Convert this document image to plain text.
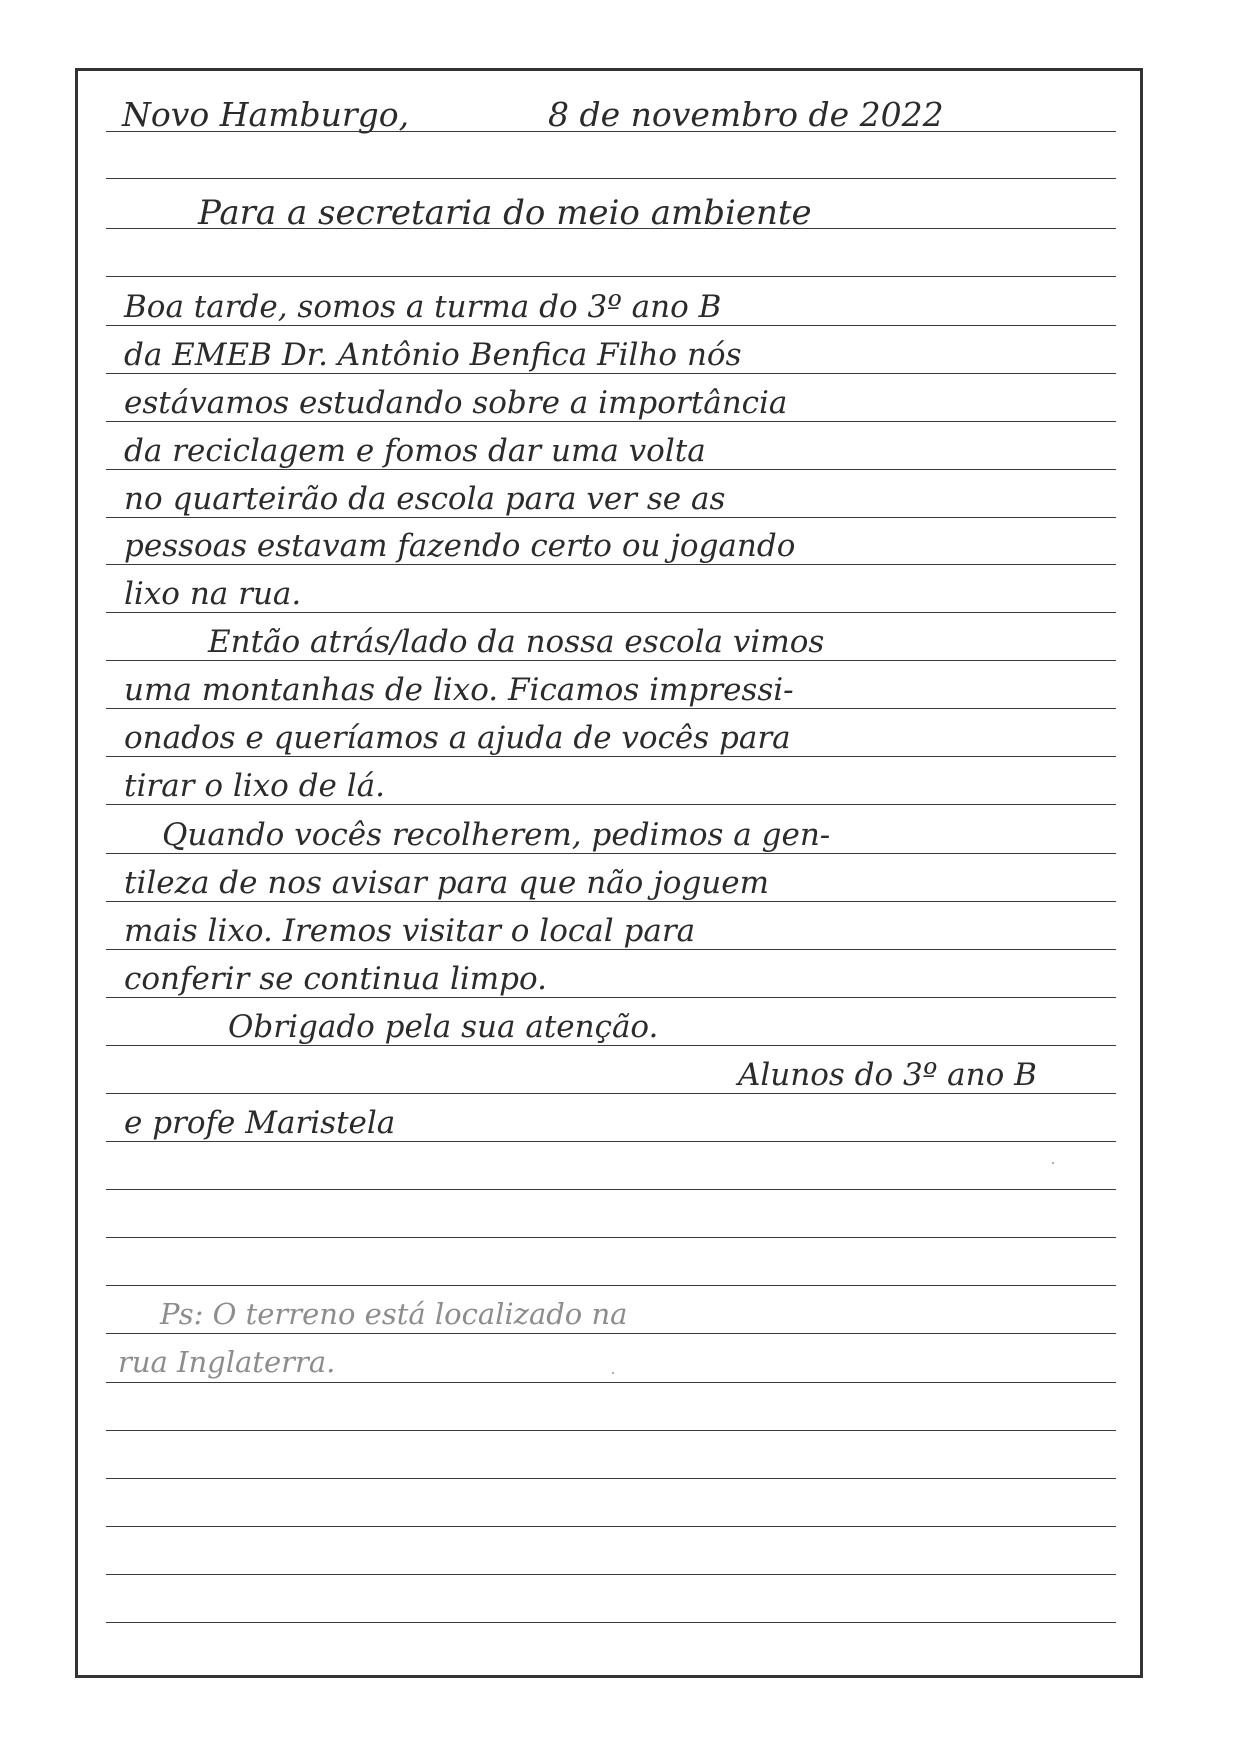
Novo Hamburgo,	8 de novembro de 2022
Para a secretaria do meio ambiente
Boa tarde, somos a turma do 3º ano B
da EMEB Dr. Antônio Benfica Filho nós
estávamos estudando sobre a importância
da reciclagem e fomos dar uma volta
no quarteirão da escola para ver se as
pessoas estavam fazendo certo ou jogando
lixo na rua.
Então atrás/lado da nossa escola vimos
uma montanhas de lixo. Ficamos impressi-
onados e queríamos a ajuda de vocês para
tirar o lixo de lá.
Quando vocês recolherem, pedimos a gen-
tileza de nos avisar para que não joguem
mais lixo. Iremos visitar o local para
conferir se continua limpo.
Obrigado pela sua atenção.
Alunos do 3º ano B
e profe Maristela
Ps: O terreno está localizado na
rua Inglaterra.
